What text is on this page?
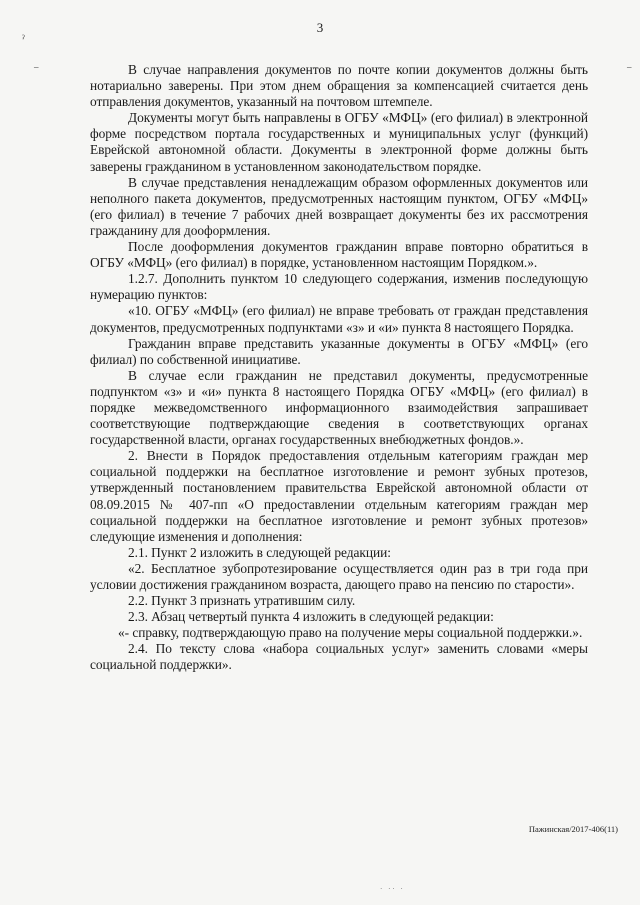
3
ˀ
–	–

В случае направления документов по почте копии документов должны быть нотариально заверены. При этом днем обращения за компенсацией считается день отправления документов, указанный на почтовом штемпеле.

Документы могут быть направлены в ОГБУ «МФЦ» (его филиал) в электронной форме посредством портала государственных и муниципальных услуг (функций) Еврейской автономной области. Документы в электронной форме должны быть заверены гражданином в установленном законодательством порядке.

В случае представления ненадлежащим образом оформленных документов или неполного пакета документов, предусмотренных настоящим пунктом, ОГБУ «МФЦ» (его филиал) в течение 7 рабочих дней возвращает документы без их рассмотрения гражданину для дооформления.

После дооформления документов гражданин вправе повторно обратиться в ОГБУ «МФЦ» (его филиал) в порядке, установленном настоящим Порядком.».

1.2.7. Дополнить пунктом 10 следующего содержания, изменив последующую нумерацию пунктов:

«10. ОГБУ «МФЦ» (его филиал) не вправе требовать от граждан представления документов, предусмотренных подпунктами «з» и «и» пункта 8 настоящего Порядка.

Гражданин вправе представить указанные документы в ОГБУ «МФЦ» (его филиал) по собственной инициативе.

В случае если гражданин не представил документы, предусмотренные подпунктом «з» и «и» пункта 8 настоящего Порядка ОГБУ «МФЦ» (его филиал) в порядке межведомственного информационного взаимодействия запрашивает соответствующие подтверждающие сведения в соответствующих органах государственной власти, органах государственных внебюджетных фондов.».

2. Внести в Порядок предоставления отдельным категориям граждан мер социальной поддержки на бесплатное изготовление и ремонт зубных протезов, утвержденный постановлением правительства Еврейской автономной области от 08.09.2015 № 407-пп «О предоставлении отдельным категориям граждан мер социальной поддержки на бесплатное изготовление и ремонт зубных протезов» следующие изменения и дополнения:

2.1. Пункт 2 изложить в следующей редакции:

«2. Бесплатное зубопротезирование осуществляется один раз в три года при условии достижения гражданином возраста, дающего право на пенсию по старости».

2.2. Пункт 3 признать утратившим силу.

2.3. Абзац четвертый пункта 4 изложить в следующей редакции:

«- справку, подтверждающую право на получение меры социальной поддержки.».

2.4. По тексту слова «набора социальных услуг» заменить словами «меры социальной поддержки».

Пажинская/2017-406(11)
· ·· ·
